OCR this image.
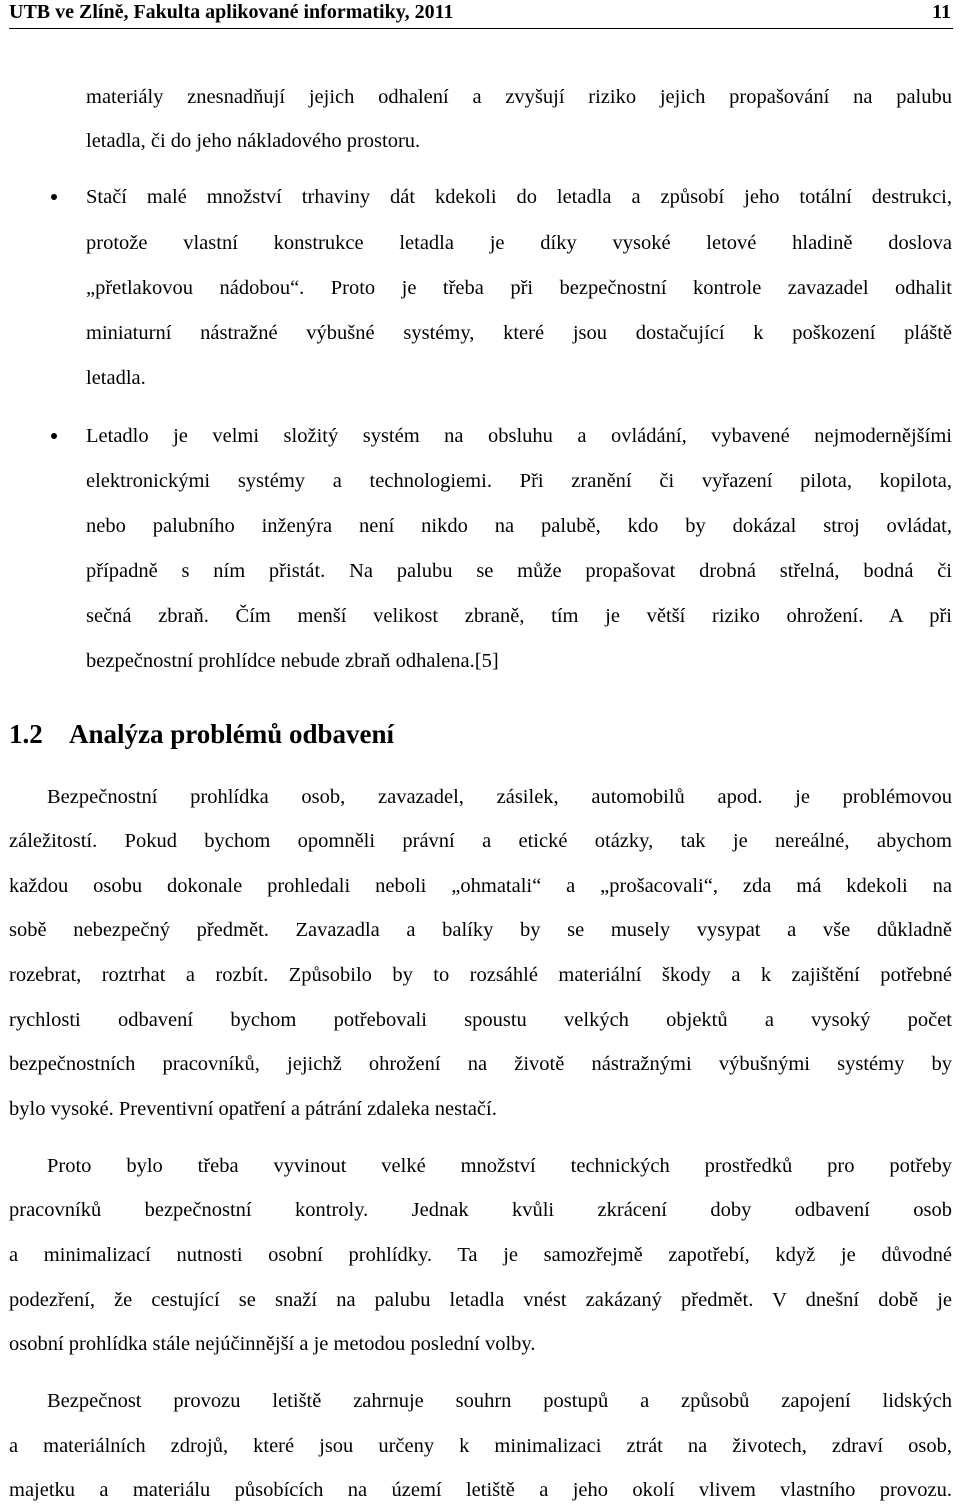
UTB ve Zlíně, Fakulta aplikované informatiky, 2011	11
materiály znesnadňují jejich odhalení a zvyšují riziko jejich propašování na palubu
letadla, či do jeho nákladového prostoru.
Stačí malé množství trhaviny dát kdekoli do letadla a způsobí jeho totální destrukci,
protože vlastní konstrukce letadla je díky vysoké letové hladině doslova
„přetlakovou nádobou“. Proto je třeba při bezpečnostní kontrole zavazadel odhalit
miniaturní nástražné výbušné systémy, které jsou dostačující k poškození pláště
letadla.
Letadlo je velmi složitý systém na obsluhu a ovládání, vybavené nejmodernějšími
elektronickými systémy a technologiemi. Při zranění či vyřazení pilota, kopilota,
nebo palubního inženýra není nikdo na palubě, kdo by dokázal stroj ovládat,
případně s ním přistát. Na palubu se může propašovat drobná střelná, bodná či
sečná zbraň. Čím menší velikost zbraně, tím je větší riziko ohrožení. A při
bezpečnostní prohlídce nebude zbraň odhalena.[5]
1.2 Analýza problémů odbavení
Bezpečnostní prohlídka osob, zavazadel, zásilek, automobilů apod. je problémovou
záležitostí. Pokud bychom opomněli právní a etické otázky, tak je nereálné, abychom
každou osobu dokonale prohledali neboli „ohmatali“ a „prošacovali“, zda má kdekoli na
sobě nebezpečný předmět. Zavazadla a balíky by se musely vysypat a vše důkladně
rozebrat, roztrhat a rozbít. Způsobilo by to rozsáhlé materiální škody a k zajištění potřebné
rychlosti odbavení bychom potřebovali spoustu velkých objektů a vysoký počet
bezpečnostních pracovníků, jejichž ohrožení na životě nástražnými výbušnými systémy by
bylo vysoké. Preventivní opatření a pátrání zdaleka nestačí.
Proto bylo třeba vyvinout velké množství technických prostředků pro potřeby
pracovníků bezpečnostní kontroly. Jednak kvůli zkrácení doby odbavení osob
a minimalizací nutnosti osobní prohlídky. Ta je samozřejmě zapotřebí, když je důvodné
podezření, že cestující se snaží na palubu letadla vnést zakázaný předmět. V dnešní době je
osobní prohlídka stále nejúčinnější a je metodou poslední volby.
Bezpečnost provozu letiště zahrnuje souhrn postupů a způsobů zapojení lidských
a materiálních zdrojů, které jsou určeny k minimalizaci ztrát na životech, zdraví osob,
majetku a materiálu působících na území letiště a jeho okolí vlivem vlastního provozu.
